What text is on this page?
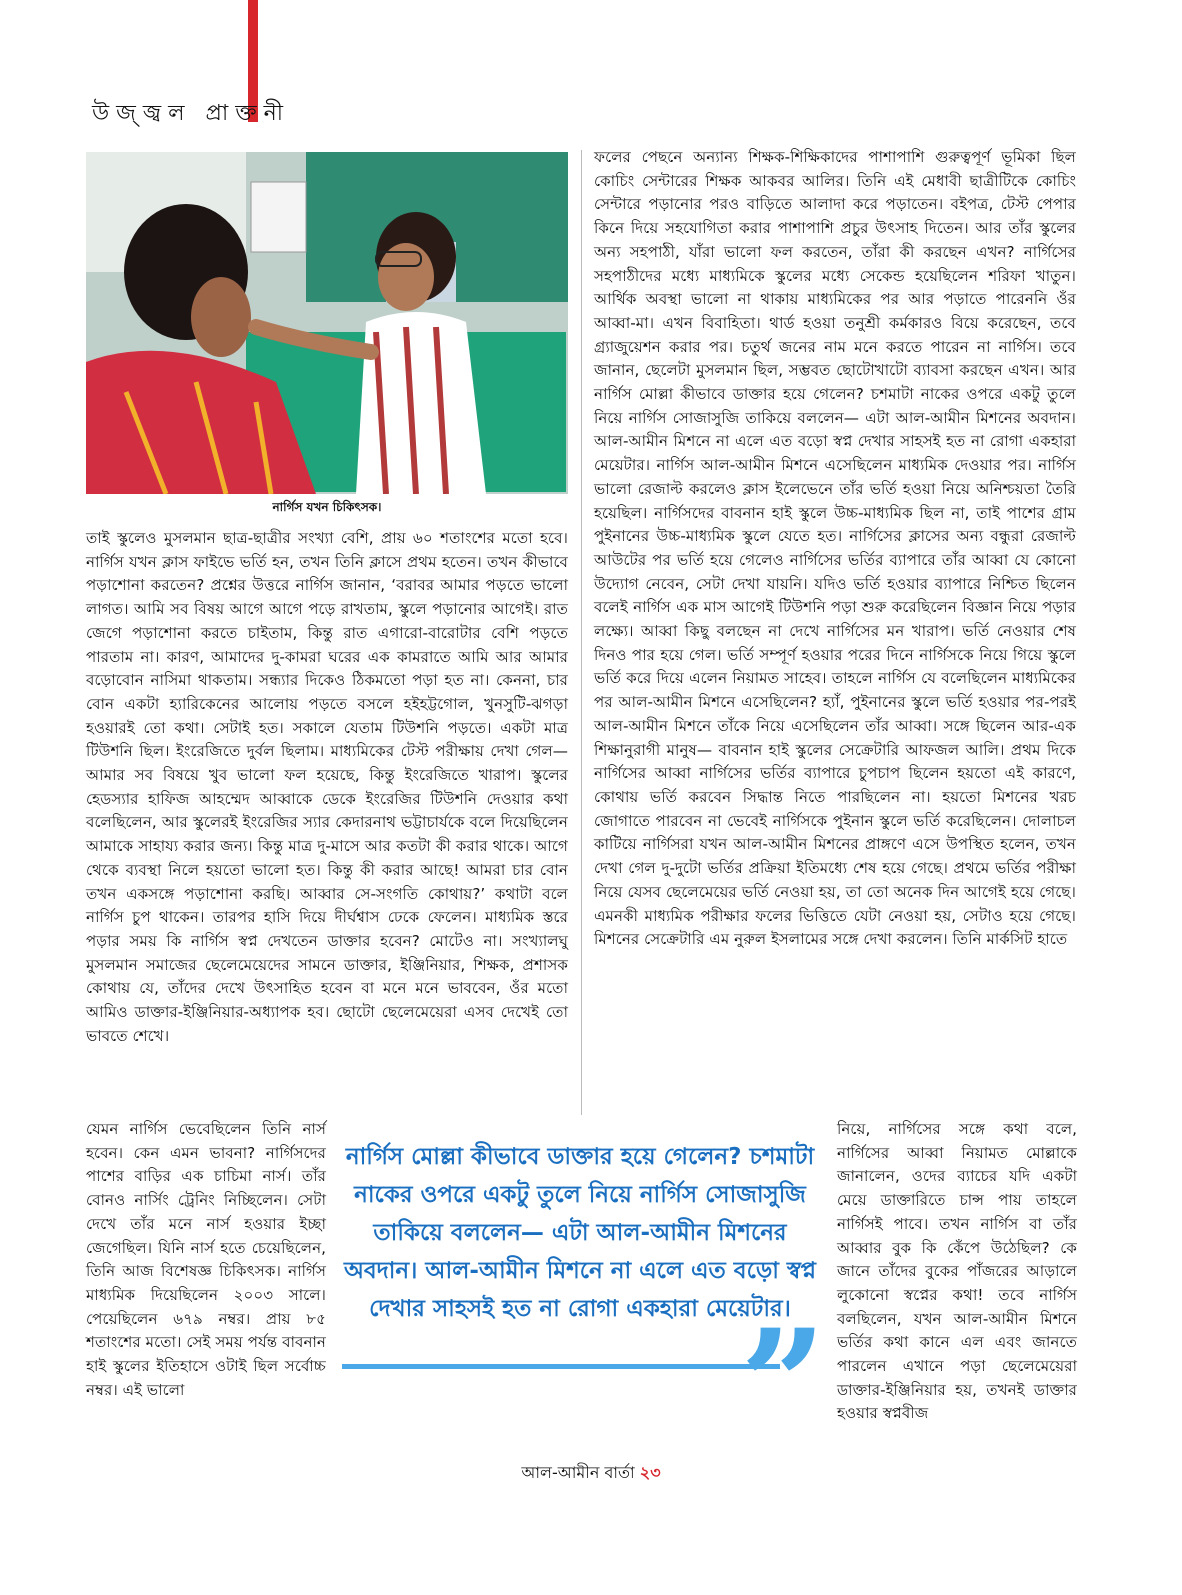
উজ্জ্বল প্রাক্তনী
নার্গিস যখন চিকিৎসক।

তাই স্কুলেও মুসলমান ছাত্র-ছাত্রীর সংখ্যা বেশি, প্রায় ৬০ শতাংশের মতো হবে। নার্গিস যখন ক্লাস ফাইভে ভর্তি হন, তখন তিনি ক্লাসে প্রথম হতেন। তখন কীভাবে পড়াশোনা করতেন? প্রশ্নের উত্তরে নার্গিস জানান, ‘বরাবর আমার পড়তে ভালো লাগত। আমি সব বিষয় আগে আগে পড়ে রাখতাম, স্কুলে পড়ানোর আগেই। রাত জেগে পড়াশোনা করতে চাইতাম, কিন্তু রাত এগারো-বারোটার বেশি পড়তে পারতাম না। কারণ, আমাদের দু-কামরা ঘরের এক কামরাতে আমি আর আমার বড়োবোন নাসিমা থাকতাম। সন্ধ্যার দিকেও ঠিকমতো পড়া হত না। কেননা, চার বোন একটা হ্যারিকেনের আলোয় পড়তে বসলে হইহট্টগোল, খুনসুটি-ঝগড়া হওয়ারই তো কথা। সেটাই হত। সকালে যেতাম টিউশনি পড়তে। একটা মাত্র টিউশনি ছিল। ইংরেজিতে দুর্বল ছিলাম। মাধ্যমিকের টেস্ট পরীক্ষায় দেখা গেল— আমার সব বিষয়ে খুব ভালো ফল হয়েছে, কিন্তু ইংরেজিতে খারাপ। স্কুলের হেডস্যার হাফিজ আহম্মেদ আব্বাকে ডেকে ইংরেজির টিউশনি দেওয়ার কথা বলেছিলেন, আর স্কুলেরই ইংরেজির স্যার কেদারনাথ ভট্টাচার্যকে বলে দিয়েছিলেন আমাকে সাহায্য করার জন্য। কিন্তু মাত্র দু-মাসে আর কতটা কী করার থাকে। আগে থেকে ব্যবস্থা নিলে হয়তো ভালো হত। কিন্তু কী করার আছে! আমরা চার বোন তখন একসঙ্গে পড়াশোনা করছি। আব্বার সে-সংগতি কোথায়?’ কথাটা বলে নার্গিস চুপ থাকেন। তারপর হাসি দিয়ে দীর্ঘশ্বাস ঢেকে ফেলেন। মাধ্যমিক স্তরে পড়ার সময় কি নার্গিস স্বপ্ন দেখতেন ডাক্তার হবেন? মোটেও না। সংখ্যালঘু মুসলমান সমাজের ছেলেমেয়েদের সামনে ডাক্তার, ইঞ্জিনিয়ার, শিক্ষক, প্রশাসক কোথায় যে, তাঁদের দেখে উৎসাহিত হবেন বা মনে মনে ভাববেন, ওঁর মতো আমিও ডাক্তার-ইঞ্জিনিয়ার-অধ্যাপক হব। ছোটো ছেলেমেয়েরা এসব দেখেই তো ভাবতে শেখে।

ফলের পেছনে অন্যান্য শিক্ষক-শিক্ষিকাদের পাশাপাশি গুরুত্বপূর্ণ ভূমিকা ছিল কোচিং সেন্টারের শিক্ষক আকবর আলির। তিনি এই মেধাবী ছাত্রীটিকে কোচিং সেন্টারে পড়ানোর পরও বাড়িতে আলাদা করে পড়াতেন। বইপত্র, টেস্ট পেপার কিনে দিয়ে সহযোগিতা করার পাশাপাশি প্রচুর উৎসাহ দিতেন। আর তাঁর স্কুলের অন্য সহপাঠী, যাঁরা ভালো ফল করতেন, তাঁরা কী করছেন এখন? নার্গিসের সহপাঠীদের মধ্যে মাধ্যমিকে স্কুলের মধ্যে সেকেন্ড হয়েছিলেন শরিফা খাতুন। আর্থিক অবস্থা ভালো না থাকায় মাধ্যমিকের পর আর পড়াতে পারেননি ওঁর আব্বা-মা। এখন বিবাহিতা। থার্ড হওয়া তনুশ্রী কর্মকারও বিয়ে করেছেন, তবে গ্র্যাজুয়েশন করার পর। চতুর্থ জনের নাম মনে করতে পারেন না নার্গিস। তবে জানান, ছেলেটা মুসলমান ছিল, সম্ভবত ছোটোখাটো ব্যাবসা করছেন এখন। আর নার্গিস মোল্লা কীভাবে ডাক্তার হয়ে গেলেন? চশমাটা নাকের ওপরে একটু তুলে নিয়ে নার্গিস সোজাসুজি তাকিয়ে বললেন— এটা আল-আমীন মিশনের অবদান। আল-আমীন মিশনে না এলে এত বড়ো স্বপ্ন দেখার সাহসই হত না রোগা একহারা মেয়েটার। নার্গিস আল-আমীন মিশনে এসেছিলেন মাধ্যমিক দেওয়ার পর। নার্গিস ভালো রেজাল্ট করলেও ক্লাস ইলেভেনে তাঁর ভর্তি হওয়া নিয়ে অনিশ্চয়তা তৈরি হয়েছিল। নার্গিসদের বাবনান হাই স্কুলে উচ্চ-মাধ্যমিক ছিল না, তাই পাশের গ্রাম পুইনানের উচ্চ-মাধ্যমিক স্কুলে যেতে হত। নার্গিসের ক্লাসের অন্য বন্ধুরা রেজাল্ট আউটের পর ভর্তি হয়ে গেলেও নার্গিসের ভর্তির ব্যাপারে তাঁর আব্বা যে কোনো উদ্যোগ নেবেন, সেটা দেখা যায়নি। যদিও ভর্তি হওয়ার ব্যাপারে নিশ্চিত ছিলেন বলেই নার্গিস এক মাস আগেই টিউশনি পড়া শুরু করেছিলেন বিজ্ঞান নিয়ে পড়ার লক্ষ্যে। আব্বা কিছু বলছেন না দেখে নার্গিসের মন খারাপ। ভর্তি নেওয়ার শেষ দিনও পার হয়ে গেল। ভর্তি সম্পূর্ণ হওয়ার পরের দিনে নার্গিসকে নিয়ে গিয়ে স্কুলে ভর্তি করে দিয়ে এলেন নিয়ামত সাহেব। তাহলে নার্গিস যে বলেছিলেন মাধ্যমিকের পর আল-আমীন মিশনে এসেছিলেন? হ্যাঁ, পুইনানের স্কুলে ভর্তি হওয়ার পর-পরই আল-আমীন মিশনে তাঁকে নিয়ে এসেছিলেন তাঁর আব্বা। সঙ্গে ছিলেন আর-এক শিক্ষানুরাগী মানুষ— বাবনান হাই স্কুলের সেক্রেটারি আফজল আলি। প্রথম দিকে নার্গিসের আব্বা নার্গিসের ভর্তির ব্যাপারে চুপচাপ ছিলেন হয়তো এই কারণে, কোথায় ভর্তি করবেন সিদ্ধান্ত নিতে পারছিলেন না। হয়তো মিশনের খরচ জোগাতে পারবেন না ভেবেই নার্গিসকে পুইনান স্কুলে ভর্তি করেছিলেন। দোলাচল কাটিয়ে নার্গিসরা যখন আল-আমীন মিশনের প্রাঙ্গণে এসে উপস্থিত হলেন, তখন দেখা গেল দু-দুটো ভর্তির প্রক্রিয়া ইতিমধ্যে শেষ হয়ে গেছে। প্রথমে ভর্তির পরীক্ষা নিয়ে যেসব ছেলেমেয়ের ভর্তি নেওয়া হয়, তা তো অনেক দিন আগেই হয়ে গেছে। এমনকী মাধ্যমিক পরীক্ষার ফলের ভিত্তিতে যেটা নেওয়া হয়, সেটাও হয়ে গেছে। মিশনের সেক্রেটারি এম নুরুল ইসলামের সঙ্গে দেখা করলেন। তিনি মার্কসিট হাতে

যেমন নার্গিস ভেবেছিলেন তিনি নার্স হবেন। কেন এমন ভাবনা? নার্গিসদের পাশের বাড়ির এক চাচিমা নার্স। তাঁর বোনও নার্সিং ট্রেনিং নিচ্ছিলেন। সেটা দেখে তাঁর মনে নার্স হওয়ার ইচ্ছা জেগেছিল। যিনি নার্স হতে চেয়েছিলেন, তিনি আজ বিশেষজ্ঞ চিকিৎসক। নার্গিস মাধ্যমিক দিয়েছিলেন ২০০৩ সালে। পেয়েছিলেন ৬৭৯ নম্বর। প্রায় ৮৫ শতাংশের মতো। সেই সময় পর্যন্ত বাবনান হাই স্কুলের ইতিহাসে ওটাই ছিল সর্বোচ্চ নম্বর। এই ভালো

নিয়ে, নার্গিসের সঙ্গে কথা বলে, নার্গিসের আব্বা নিয়ামত মোল্লাকে জানালেন, ওদের ব্যাচের যদি একটা মেয়ে ডাক্তারিতে চান্স পায় তাহলে নার্গিসই পাবে। তখন নার্গিস বা তাঁর আব্বার বুক কি কেঁপে উঠেছিল? কে জানে তাঁদের বুকের পাঁজরের আড়ালে লুকোনো স্বপ্নের কথা! তবে নার্গিস বলছিলেন, যখন আল-আমীন মিশনে ভর্তির কথা কানে এল এবং জানতে পারলেন এখানে পড়া ছেলেমেয়েরা ডাক্তার-ইঞ্জিনিয়ার হয়, তখনই ডাক্তার হওয়ার স্বপ্নবীজ

নার্গিস মোল্লা কীভাবে ডাক্তার হয়ে গেলেন? চশমাটা নাকের ওপরে একটু তুলে নিয়ে নার্গিস সোজাসুজি তাকিয়ে বললেন— এটা আল-আমীন মিশনের অবদান। আল-আমীন মিশনে না এলে এত বড়ো স্বপ্ন দেখার সাহসই হত না রোগা একহারা মেয়েটার।
”
আল-আমীন বার্তা ২৩
